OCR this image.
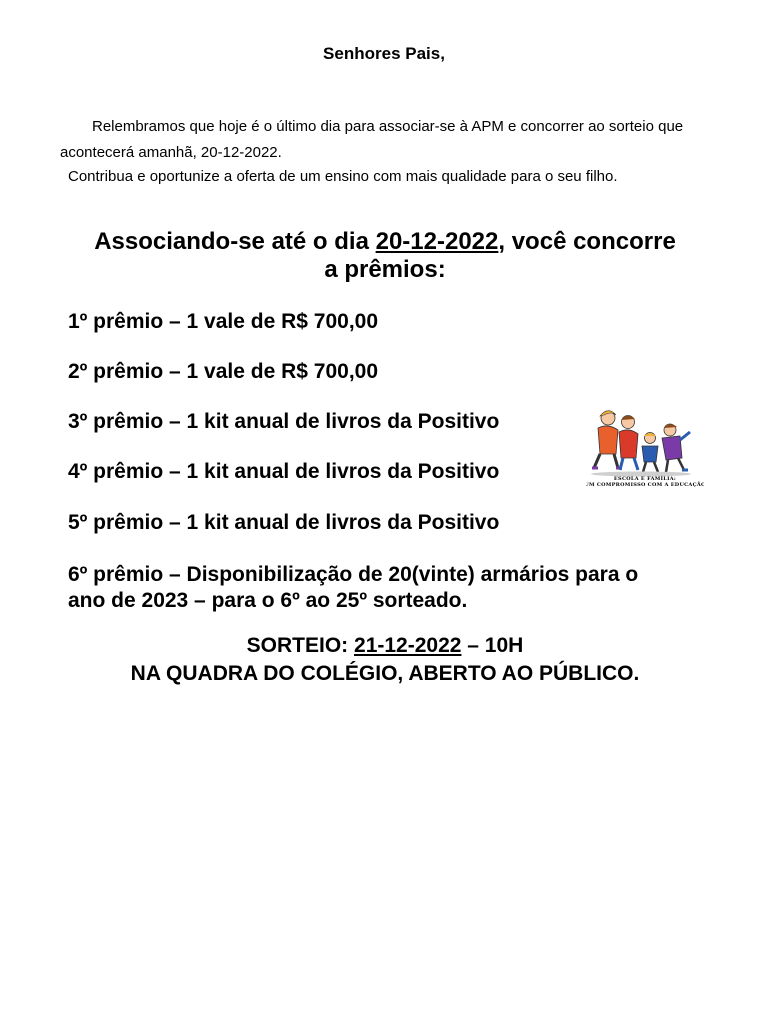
Senhores Pais,
Relembramos que hoje é o último dia para associar-se à APM e concorrer ao sorteio que
acontecerá amanhã, 20-12-2022.
Contribua e oportunize a oferta de um ensino com mais qualidade para o seu filho.
Associando-se até o dia 20-12-2022, você concorre
a prêmios:
1º prêmio – 1 vale de R$ 700,00
2º prêmio – 1 vale de R$ 700,00
3º prêmio – 1 kit anual de livros da Positivo
4º prêmio – 1 kit anual de livros da Positivo
5º prêmio – 1 kit anual de livros da Positivo
6º prêmio – Disponibilização de 20(vinte) armários para o
ano de 2023 – para o 6º ao 25º sorteado.
SORTEIO: 21-12-2022 – 10H
NA QUADRA DO COLÉGIO, ABERTO AO PÚBLICO.
ESCOLA E FAMÍLIA:
UM COMPROMISSO COM A EDUCAÇÃO
